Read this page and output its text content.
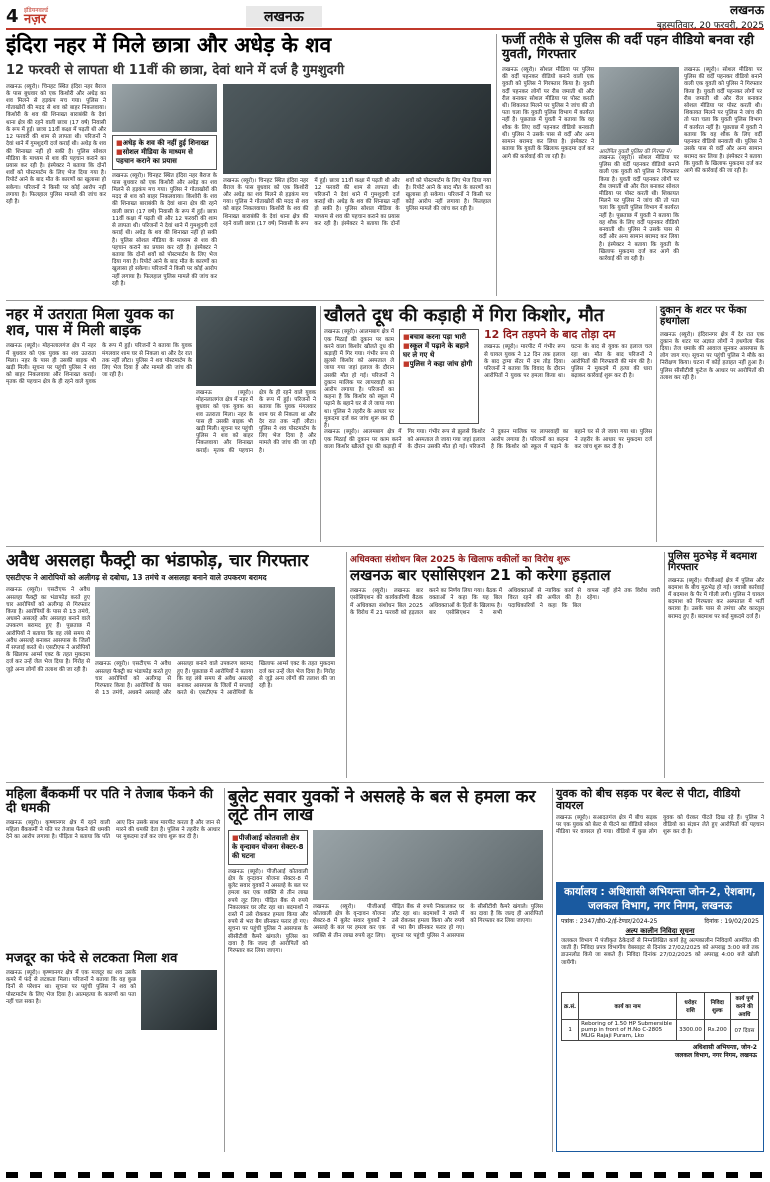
4 इंडियनवर्ल्ड
नज़र	लखनऊ	लखनऊ
बृहस्पतिवार, 20 फरवरी, 2025
इंदिरा नहर में मिले छात्रा और अधेड़ के शव
12 फरवरी से लापता थी 11वीं की छात्रा, देवां थाने में दर्ज है गुमशुदगी
लखनऊ (ब्यूरो)। चिनहट स्थित इंदिरा नहर बैराज के पास बुधवार को एक किशोरी और अधेड़ का शव मिलने से हड़कंप मच गया। पुलिस ने गोताखोरों की मदद से शव को बाहर निकलवाया। किशोरी के शव की शिनाख्त बाराबंकी के देवां थाना क्षेत्र की रहने वाली छात्रा (17 वर्ष) निवासी के रूप में हुई। छात्रा 11वीं कक्षा में पढ़ती थी और 12 फरवरी की शाम से लापता थी। परिजनों ने देवां थाने में गुमशुदगी दर्ज कराई थी। अधेड़ के शव की शिनाख्त नहीं हो सकी है। पुलिस सोशल मीडिया के माध्यम से शव की पहचान कराने का प्रयास कर रही है। इंस्पेक्टर ने बताया कि दोनों शवों को पोस्टमार्टम के लिए भेज दिया गया है। रिपोर्ट आने के बाद मौत के कारणों का खुलासा हो सकेगा। परिजनों ने किसी पर कोई आरोप नहीं लगाया है। फिलहाल पुलिस मामले की जांच कर रही है।
■ अधेड़ के शव की नहीं हुई शिनाख्त
■ सोशल मीडिया के माध्यम से पहचान कराने का प्रयास
लखनऊ (ब्यूरो)। चिनहट स्थित इंदिरा नहर बैराज के पास बुधवार को एक किशोरी और अधेड़ का शव मिलने से हड़कंप मच गया। पुलिस ने गोताखोरों की मदद से शव को बाहर निकलवाया। किशोरी के शव की शिनाख्त बाराबंकी के देवां थाना क्षेत्र की रहने वाली छात्रा (17 वर्ष) निवासी के रूप में हुई। छात्रा 11वीं कक्षा में पढ़ती थी और 12 फरवरी की शाम से लापता थी। परिजनों ने देवां थाने में गुमशुदगी दर्ज कराई थी। अधेड़ के शव की शिनाख्त नहीं हो सकी है। पुलिस सोशल मीडिया के माध्यम से शव की पहचान कराने का प्रयास कर रही है। इंस्पेक्टर ने बताया कि दोनों शवों को पोस्टमार्टम के लिए भेज दिया गया है। रिपोर्ट आने के बाद मौत के कारणों का खुलासा हो सकेगा। परिजनों ने किसी पर कोई आरोप नहीं लगाया है। फिलहाल पुलिस मामले की जांच कर रही है।
लखनऊ (ब्यूरो)। चिनहट स्थित इंदिरा नहर बैराज के पास बुधवार को एक किशोरी और अधेड़ का शव मिलने से हड़कंप मच गया। पुलिस ने गोताखोरों की मदद से शव को बाहर निकलवाया। किशोरी के शव की शिनाख्त बाराबंकी के देवां थाना क्षेत्र की रहने वाली छात्रा (17 वर्ष) निवासी के रूप में हुई। छात्रा 11वीं कक्षा में पढ़ती थी और 12 फरवरी की शाम से लापता थी। परिजनों ने देवां थाने में गुमशुदगी दर्ज कराई थी। अधेड़ के शव की शिनाख्त नहीं हो सकी है। पुलिस सोशल मीडिया के माध्यम से शव की पहचान कराने का प्रयास कर रही है। इंस्पेक्टर ने बताया कि दोनों शवों को पोस्टमार्टम के लिए भेज दिया गया है। रिपोर्ट आने के बाद मौत के कारणों का खुलासा हो सकेगा। परिजनों ने किसी पर कोई आरोप नहीं लगाया है। फिलहाल पुलिस मामले की जांच कर रही है।
फर्जी तरीके से पुलिस की वर्दी पहन वीडियो बनवा रही युवती, गिरफ्तार
लखनऊ (ब्यूरो)। सोशल मीडिया पर पुलिस की वर्दी पहनकर वीडियो बनाने वाली एक युवती को पुलिस ने गिरफ्तार किया है। युवती वर्दी पहनकर लोगों पर रौब जमाती थी और रील बनाकर सोशल मीडिया पर पोस्ट करती थी। शिकायत मिलने पर पुलिस ने जांच की तो पता चला कि युवती पुलिस विभाग में कार्यरत नहीं है। पूछताछ में युवती ने बताया कि वह शौक के लिए वर्दी पहनकर वीडियो बनवाती थी। पुलिस ने उसके पास से वर्दी और अन्य सामान बरामद कर लिया है। इंस्पेक्टर ने बताया कि युवती के खिलाफ मुकदमा दर्ज कर आगे की कार्रवाई की जा रही है।
आरोपित युवती पुलिस की गिरफ्त में।
लखनऊ (ब्यूरो)। सोशल मीडिया पर पुलिस की वर्दी पहनकर वीडियो बनाने वाली एक युवती को पुलिस ने गिरफ्तार किया है। युवती वर्दी पहनकर लोगों पर रौब जमाती थी और रील बनाकर सोशल मीडिया पर पोस्ट करती थी। शिकायत मिलने पर पुलिस ने जांच की तो पता चला कि युवती पुलिस विभाग में कार्यरत नहीं है। पूछताछ में युवती ने बताया कि वह शौक के लिए वर्दी पहनकर वीडियो बनवाती थी। पुलिस ने उसके पास से वर्दी और अन्य सामान बरामद कर लिया है। इंस्पेक्टर ने बताया कि युवती के खिलाफ मुकदमा दर्ज कर आगे की कार्रवाई की जा रही है।
लखनऊ (ब्यूरो)। सोशल मीडिया पर पुलिस की वर्दी पहनकर वीडियो बनाने वाली एक युवती को पुलिस ने गिरफ्तार किया है। युवती वर्दी पहनकर लोगों पर रौब जमाती थी और रील बनाकर सोशल मीडिया पर पोस्ट करती थी। शिकायत मिलने पर पुलिस ने जांच की तो पता चला कि युवती पुलिस विभाग में कार्यरत नहीं है। पूछताछ में युवती ने बताया कि वह शौक के लिए वर्दी पहनकर वीडियो बनवाती थी। पुलिस ने उसके पास से वर्दी और अन्य सामान बरामद कर लिया है। इंस्पेक्टर ने बताया कि युवती के खिलाफ मुकदमा दर्ज कर आगे की कार्रवाई की जा रही है।
नहर में उतराता मिला युवक का शव, पास में मिली बाइक
लखनऊ (ब्यूरो)। मोहनलालगंज क्षेत्र में नहर में बुधवार को एक युवक का शव उतराता मिला। नहर के पास ही उसकी बाइक भी खड़ी मिली। सूचना पर पहुंची पुलिस ने शव को बाहर निकलवाया और शिनाख्त कराई। मृतक की पहचान क्षेत्र के ही रहने वाले युवक के रूप में हुई। परिजनों ने बताया कि युवक मंगलवार शाम घर से निकला था और देर रात तक नहीं लौटा। पुलिस ने शव पोस्टमार्टम के लिए भेज दिया है और मामले की जांच की जा रही है।
लखनऊ (ब्यूरो)। मोहनलालगंज क्षेत्र में नहर में बुधवार को एक युवक का शव उतराता मिला। नहर के पास ही उसकी बाइक भी खड़ी मिली। सूचना पर पहुंची पुलिस ने शव को बाहर निकलवाया और शिनाख्त कराई। मृतक की पहचान क्षेत्र के ही रहने वाले युवक के रूप में हुई। परिजनों ने बताया कि युवक मंगलवार शाम घर से निकला था और देर रात तक नहीं लौटा। पुलिस ने शव पोस्टमार्टम के लिए भेज दिया है और मामले की जांच की जा रही है।
खौलते दूध की कड़ाही में गिरा किशोर, मौत
लखनऊ (ब्यूरो)। आलमबाग क्षेत्र में एक मिठाई की दुकान पर काम करने वाला किशोर खौलते दूध की कड़ाही में गिर गया। गंभीर रूप से झुलसे किशोर को अस्पताल ले जाया गया जहां इलाज के दौरान उसकी मौत हो गई। परिजनों ने दुकान मालिक पर लापरवाही का आरोप लगाया है। परिजनों का कहना है कि किशोर को स्कूल में पढ़ाने के बहाने घर से ले जाया गया था। पुलिस ने तहरीर के आधार पर मुकदमा दर्ज कर जांच शुरू कर दी है।
■ बचाव करना पड़ा भारी
■ स्कूल में पढ़ाने के बहाने घर ले गए थे
■ पुलिस ने कहा जांच होगी
12 दिन तड़पने के बाद तोड़ा दम
लखनऊ (ब्यूरो)। मारपीट में गंभीर रूप से घायल युवक ने 12 दिन तक इलाज के बाद ट्रामा सेंटर में दम तोड़ दिया। परिजनों ने बताया कि विवाद के दौरान आरोपितों ने युवक पर हमला किया था। घटना के बाद से युवक का इलाज चल रहा था। मौत के बाद परिजनों ने आरोपितों की गिरफ्तारी की मांग की है। पुलिस ने मुकदमे में हत्या की धारा बढ़ाकर कार्रवाई शुरू कर दी है।
लखनऊ (ब्यूरो)। आलमबाग क्षेत्र में एक मिठाई की दुकान पर काम करने वाला किशोर खौलते दूध की कड़ाही में गिर गया। गंभीर रूप से झुलसे किशोर को अस्पताल ले जाया गया जहां इलाज के दौरान उसकी मौत हो गई। परिजनों ने दुकान मालिक पर लापरवाही का आरोप लगाया है। परिजनों का कहना है कि किशोर को स्कूल में पढ़ाने के बहाने घर से ले जाया गया था। पुलिस ने तहरीर के आधार पर मुकदमा दर्ज कर जांच शुरू कर दी है।
दुकान के शटर पर फेंका हथगोला
लखनऊ (ब्यूरो)। इंदिरानगर क्षेत्र में देर रात एक दुकान के शटर पर अज्ञात लोगों ने हथगोला फेंक दिया। तेज धमाके की आवाज सुनकर आसपास के लोग जाग गए। सूचना पर पहुंची पुलिस ने मौके का निरीक्षण किया। घटना में कोई हताहत नहीं हुआ है। पुलिस सीसीटीवी फुटेज के आधार पर आरोपितों की तलाश कर रही है।
अवैध असलहा फैक्ट्री का भंडाफोड़, चार गिरफ्तार
एसटीएफ ने आरोपियों को अलीगढ़ से दबोचा, 13 तमंचे व असलहा बनाने वाले उपकरण बरामद
लखनऊ (ब्यूरो)। एसटीएफ ने अवैध असलहा फैक्ट्री का भंडाफोड़ करते हुए चार आरोपियों को अलीगढ़ से गिरफ्तार किया है। आरोपियों के पास से 13 तमंचे, अधबने असलहे और असलहा बनाने वाले उपकरण बरामद हुए हैं। पूछताछ में आरोपियों ने बताया कि वह लंबे समय से अवैध असलहे बनाकर आसपास के जिलों में सप्लाई करते थे। एसटीएफ ने आरोपियों के खिलाफ आर्म्स एक्ट के तहत मुकदमा दर्ज कर उन्हें जेल भेज दिया है। गिरोह से जुड़े अन्य लोगों की तलाश की जा रही है।
लखनऊ (ब्यूरो)। एसटीएफ ने अवैध असलहा फैक्ट्री का भंडाफोड़ करते हुए चार आरोपियों को अलीगढ़ से गिरफ्तार किया है। आरोपियों के पास से 13 तमंचे, अधबने असलहे और असलहा बनाने वाले उपकरण बरामद हुए हैं। पूछताछ में आरोपियों ने बताया कि वह लंबे समय से अवैध असलहे बनाकर आसपास के जिलों में सप्लाई करते थे। एसटीएफ ने आरोपियों के खिलाफ आर्म्स एक्ट के तहत मुकदमा दर्ज कर उन्हें जेल भेज दिया है। गिरोह से जुड़े अन्य लोगों की तलाश की जा रही है।
अधिवक्ता संशोधन बिल 2025 के खिलाफ वकीलों का विरोध शुरू
लखनऊ बार एसोसिएशन 21 को करेगा हड़ताल
लखनऊ (ब्यूरो)। लखनऊ बार एसोसिएशन की कार्यकारिणी बैठक में अधिवक्ता संशोधन बिल 2025 के विरोध में 21 फरवरी को हड़ताल करने का निर्णय लिया गया। बैठक में वक्ताओं ने कहा कि यह बिल अधिवक्ताओं के हितों के खिलाफ है। बार एसोसिएशन ने सभी अधिवक्ताओं से न्यायिक कार्य से विरत रहने की अपील की है। पदाधिकारियों ने कहा कि बिल वापस नहीं होने तक विरोध जारी रहेगा।
पुलिस मुठभेड़ में बदमाश गिरफ्तार
लखनऊ (ब्यूरो)। पीजीआई क्षेत्र में पुलिस और बदमाश के बीच मुठभेड़ हो गई। जवाबी कार्रवाई में बदमाश के पैर में गोली लगी। पुलिस ने घायल बदमाश को गिरफ्तार कर अस्पताल में भर्ती कराया है। उसके पास से तमंचा और कारतूस बरामद हुए हैं। बदमाश पर कई मुकदमे दर्ज हैं।
महिला बैंककर्मी पर पति ने तेजाब फेंकने की दी धमकी
लखनऊ (ब्यूरो)। कृष्णानगर क्षेत्र में रहने वाली महिला बैंककर्मी ने पति पर तेजाब फेंकने की धमकी देने का आरोप लगाया है। पीड़िता ने बताया कि पति आए दिन उसके साथ मारपीट करता है और जान से मारने की धमकी देता है। पुलिस ने तहरीर के आधार पर मुकदमा दर्ज कर जांच शुरू कर दी है।
मजदूर का फंदे से लटकता मिला शव
लखनऊ (ब्यूरो)। कृष्णानगर क्षेत्र में एक मजदूर का शव उसके कमरे में फंदे से लटकता मिला। परिजनों ने बताया कि वह कुछ दिनों से परेशान था। सूचना पर पहुंची पुलिस ने शव को पोस्टमार्टम के लिए भेज दिया है। आत्महत्या के कारणों का पता नहीं चल सका है।
बुलेट सवार युवकों ने असलहे के बल से हमला कर लूटे तीन लाख
■ पीजीआई कोतवाली क्षेत्र के वृन्दावन योजना सेक्टर-8 की घटना
लखनऊ (ब्यूरो)। पीजीआई कोतवाली क्षेत्र के वृन्दावन योजना सेक्टर-8 में बुलेट सवार युवकों ने असलहे के बल पर हमला कर एक व्यक्ति से तीन लाख रुपये लूट लिए। पीड़ित बैंक से रुपये निकालकर घर लौट रहा था। बदमाशों ने रास्ते में उसे रोककर हमला किया और रुपये से भरा बैग छीनकर फरार हो गए। सूचना पर पहुंची पुलिस ने आसपास के सीसीटीवी कैमरे खंगाले। पुलिस का दावा है कि जल्द ही आरोपितों को गिरफ्तार कर लिया जाएगा।
लखनऊ (ब्यूरो)। पीजीआई कोतवाली क्षेत्र के वृन्दावन योजना सेक्टर-8 में बुलेट सवार युवकों ने असलहे के बल पर हमला कर एक व्यक्ति से तीन लाख रुपये लूट लिए। पीड़ित बैंक से रुपये निकालकर घर लौट रहा था। बदमाशों ने रास्ते में उसे रोककर हमला किया और रुपये से भरा बैग छीनकर फरार हो गए। सूचना पर पहुंची पुलिस ने आसपास के सीसीटीवी कैमरे खंगाले। पुलिस का दावा है कि जल्द ही आरोपितों को गिरफ्तार कर लिया जाएगा।
युवक को बीच सड़क पर बेल्ट से पीटा, वीडियो वायरल
लखनऊ (ब्यूरो)। सआदतगंज क्षेत्र में बीच सड़क पर एक युवक को बेल्ट से पीटने का वीडियो सोशल मीडिया पर वायरल हो गया। वीडियो में कुछ लोग युवक को घेरकर पीटते दिख रहे हैं। पुलिस ने वीडियो का संज्ञान लेते हुए आरोपितों की पहचान शुरू कर दी है।
कार्यालय : अधिशासी अभियन्ता जोन-2, ऐशबाग, जलकल विभाग, नगर निगम, लखनऊ
पत्रांक : 2347/डी0-2/ई-टेण्डर/2024-25	दिनांक : 19/02/2025
अल्प कालीन निविदा सूचना
जलकल विभाग में पंजीकृत ठेकेदारों से निम्नलिखित कार्य हेतु अल्पकालीन निविदायें आमंत्रित की जाती हैं। निविदा प्रपत्र विभागीय वेबसाइट से दिनांक 27/02/2025 को अपराह्न 3:00 बजे तक डाउनलोड किये जा सकते हैं। निविदा दिनांक 27/02/2025 को अपराह्न 4:00 बजे खोली जायेंगी।
क्र.सं.	कार्य का नाम	धरोहर राशि	निविदा शुल्क	कार्य पूर्ण करने की अवधि
1	Reboring of 1.50 HP Submersible pump in front of H.No C-2805 MLIG Rajaji Puram, Lko	3300.00	Rs.200	07 दिवस
अधिशासी अभियन्ता, जोन-2
जलकल विभाग, नगर निगम, लखनऊ
